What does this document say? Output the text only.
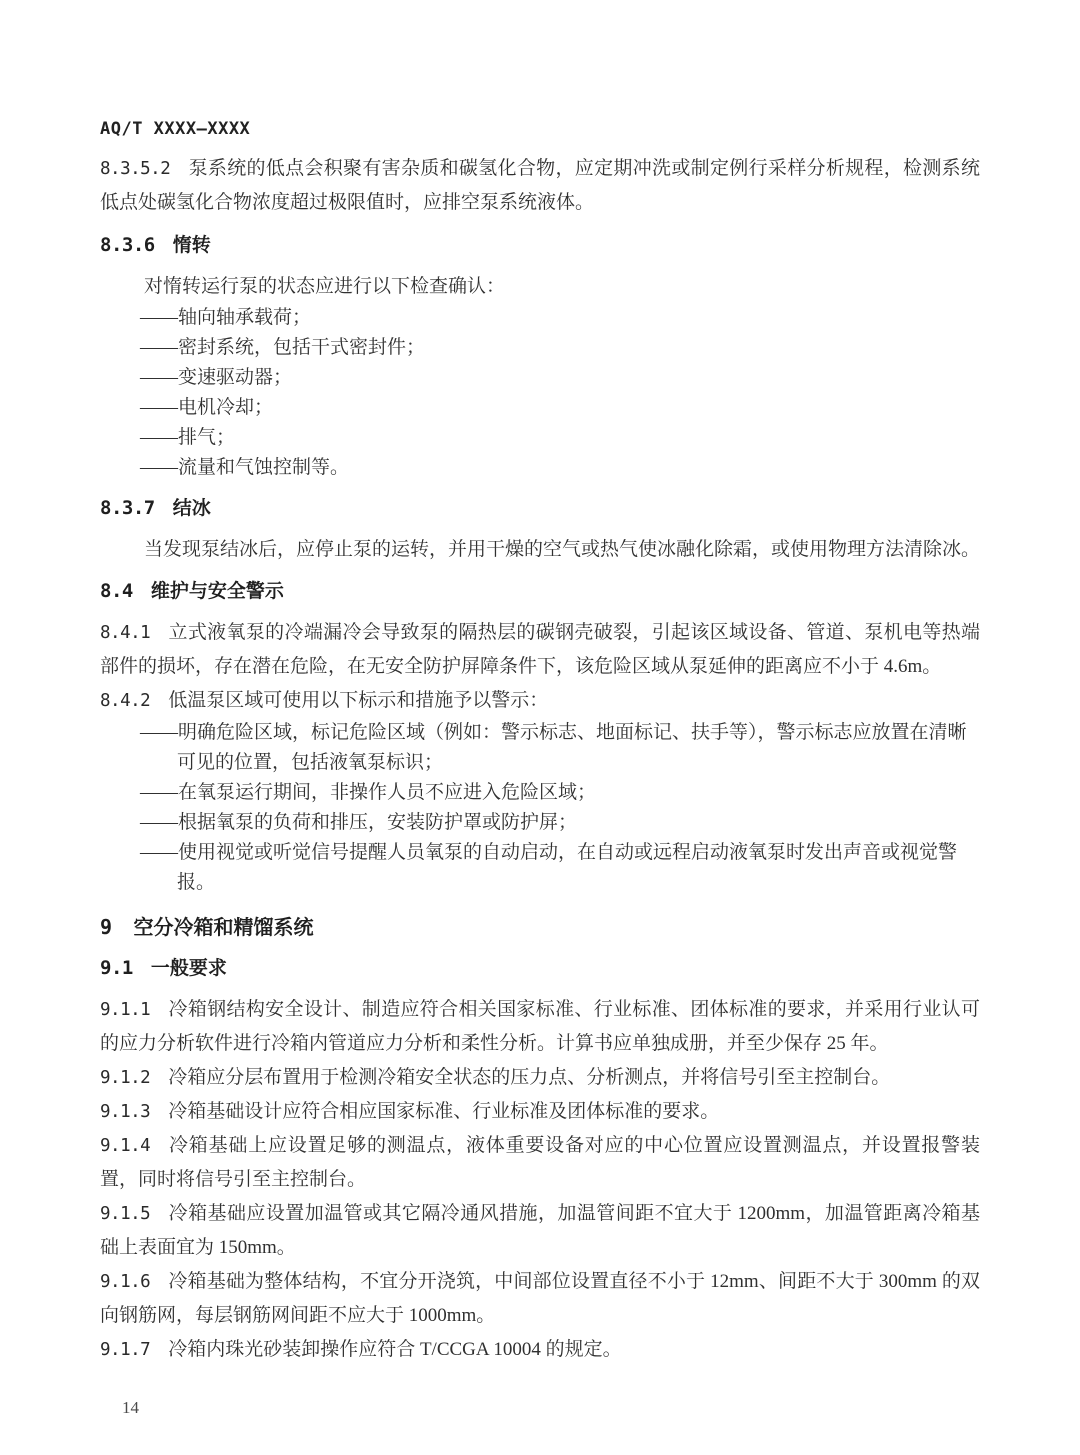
AQ/T XXXX—XXXX

8.3.5.2 泵系统的低点会积聚有害杂质和碳氢化合物，应定期冲洗或制定例行采样分析规程，检测系统低点处碳氢化合物浓度超过极限值时，应排空泵系统液体。

8.3.6 惰转

对惰转运行泵的状态应进行以下检查确认：

——轴向轴承载荷；

——密封系统，包括干式密封件；

——变速驱动器；

——电机冷却；

——排气；

——流量和气蚀控制等。

8.3.7 结冰

当发现泵结冰后，应停止泵的运转，并用干燥的空气或热气使冰融化除霜，或使用物理方法清除冰。

8.4 维护与安全警示

8.4.1 立式液氧泵的冷端漏冷会导致泵的隔热层的碳钢壳破裂，引起该区域设备、管道、泵机电等热端部件的损坏，存在潜在危险，在无安全防护屏障条件下，该危险区域从泵延伸的距离应不小于 4.6m。

8.4.2 低温泵区域可使用以下标示和措施予以警示：

——明确危险区域，标记危险区域（例如：警示标志、地面标记、扶手等），警示标志应放置在清晰可见的位置，包括液氧泵标识；

——在氧泵运行期间，非操作人员不应进入危险区域；

——根据氧泵的负荷和排压，安装防护罩或防护屏；

——使用视觉或听觉信号提醒人员氧泵的自动启动，在自动或远程启动液氧泵时发出声音或视觉警报。

9 空分冷箱和精馏系统
9.1 一般要求

9.1.1 冷箱钢结构安全设计、制造应符合相关国家标准、行业标准、团体标准的要求，并采用行业认可的应力分析软件进行冷箱内管道应力分析和柔性分析。计算书应单独成册，并至少保存 25 年。

9.1.2 冷箱应分层布置用于检测冷箱安全状态的压力点、分析测点，并将信号引至主控制台。

9.1.3 冷箱基础设计应符合相应国家标准、行业标准及团体标准的要求。

9.1.4 冷箱基础上应设置足够的测温点，液体重要设备对应的中心位置应设置测温点，并设置报警装置，同时将信号引至主控制台。

9.1.5 冷箱基础应设置加温管或其它隔冷通风措施，加温管间距不宜大于 1200mm，加温管距离冷箱基础上表面宜为 150mm。

9.1.6 冷箱基础为整体结构，不宜分开浇筑，中间部位设置直径不小于 12mm、间距不大于 300mm 的双向钢筋网，每层钢筋网间距不应大于 1000mm。

9.1.7 冷箱内珠光砂装卸操作应符合 T/CCGA 10004 的规定。

14
